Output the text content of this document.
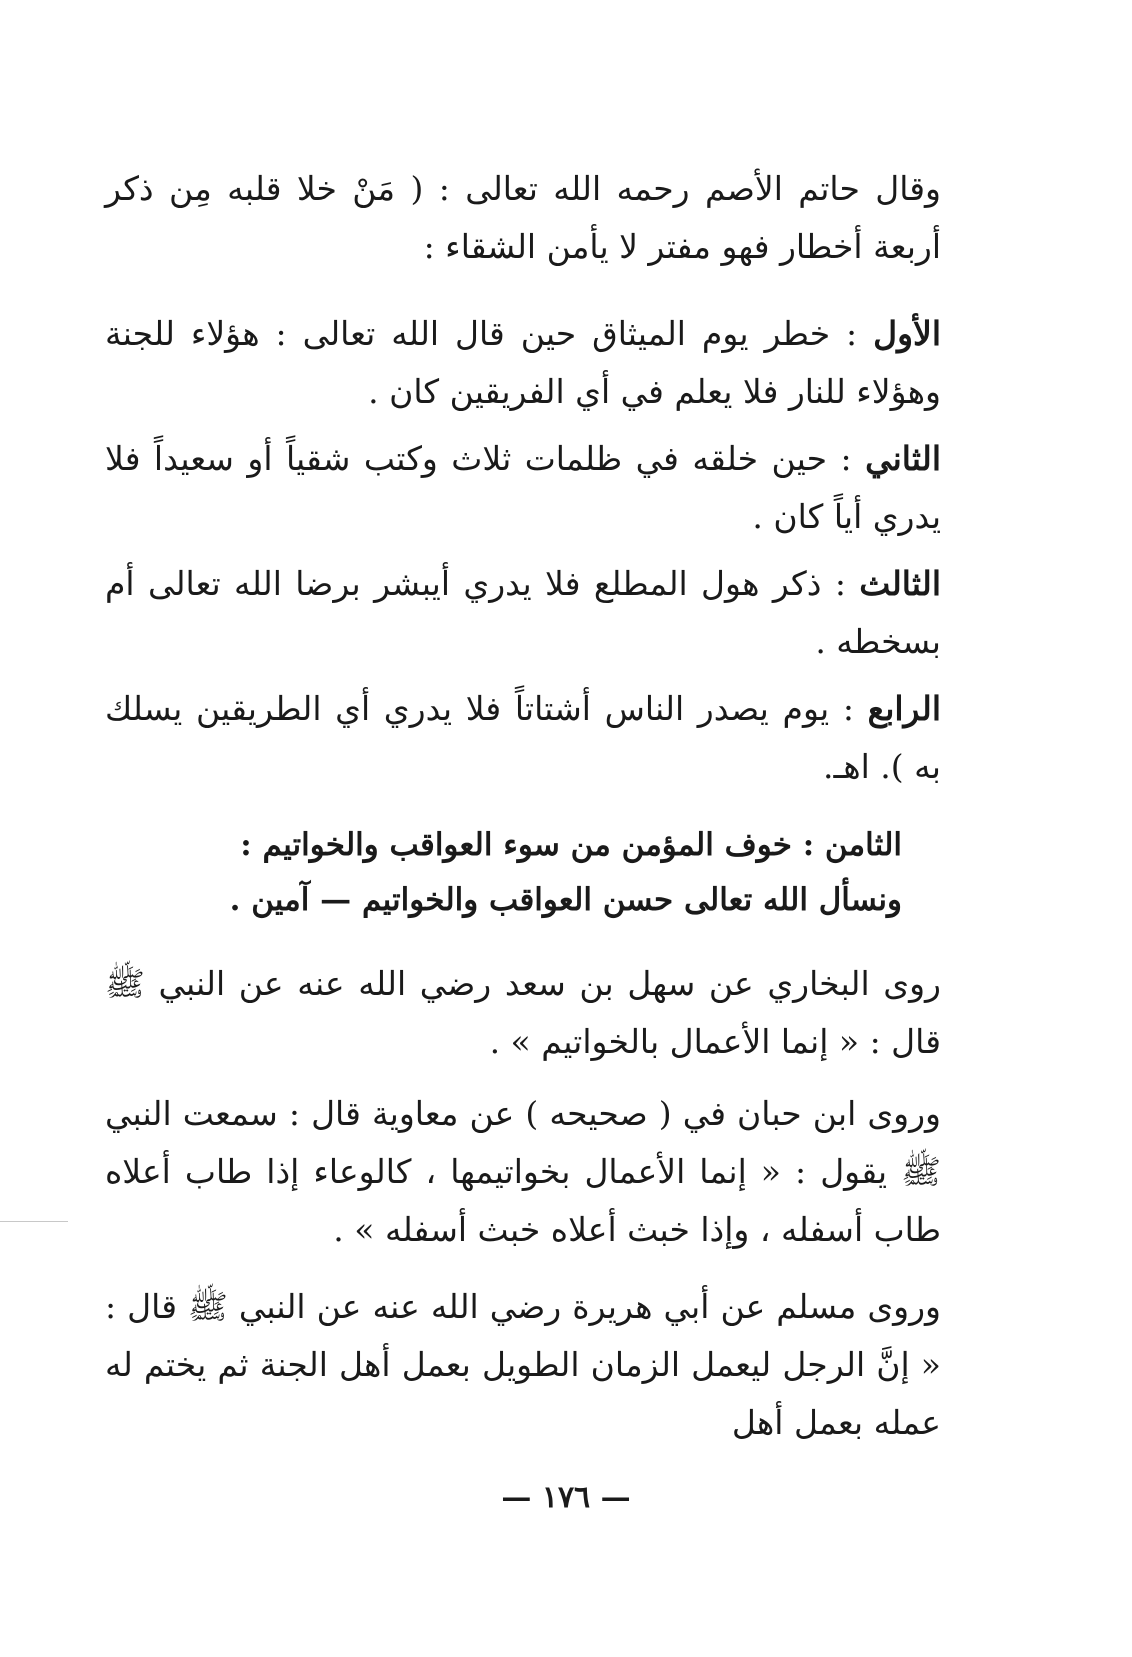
وقال حاتم الأصم رحمه الله تعالى : ( مَنْ خلا قلبه مِن ذكر أربعة أخطار فهو مفتر لا يأمن الشقاء :

الأول : خطر يوم الميثاق حين قال الله تعالى : هؤلاء للجنة وهؤلاء للنار فلا يعلم في أي الفريقين كان .

الثاني : حين خلقه في ظلمات ثلاث وكتب شقياً أو سعيداً فلا يدري أياً كان .

الثالث : ذكر هول المطلع فلا يدري أيبشر برضا الله تعالى أم بسخطه .

الرابع : يوم يصدر الناس أشتاتاً فلا يدري أي الطريقين يسلك به ). اهـ.

الثامن : خوف المؤمن من سوء العواقب والخواتيم :
ونسأل الله تعالى حسن العواقب والخواتيم — آمين .

روى البخاري عن سهل بن سعد رضي الله عنه عن النبي ﷺ قال : « إنما الأعمال بالخواتيم » .

وروى ابن حبان في ( صحيحه ) عن معاوية قال : سمعت النبي ﷺ يقول : « إنما الأعمال بخواتيمها ، كالوعاء إذا طاب أعلاه طاب أسفله ، وإذا خبث أعلاه خبث أسفله » .

وروى مسلم عن أبي هريرة رضي الله عنه عن النبي ﷺ قال : « إنَّ الرجل ليعمل الزمان الطويل بعمل أهل الجنة ثم يختم له عمله بعمل أهل

— ١٧٦ —
